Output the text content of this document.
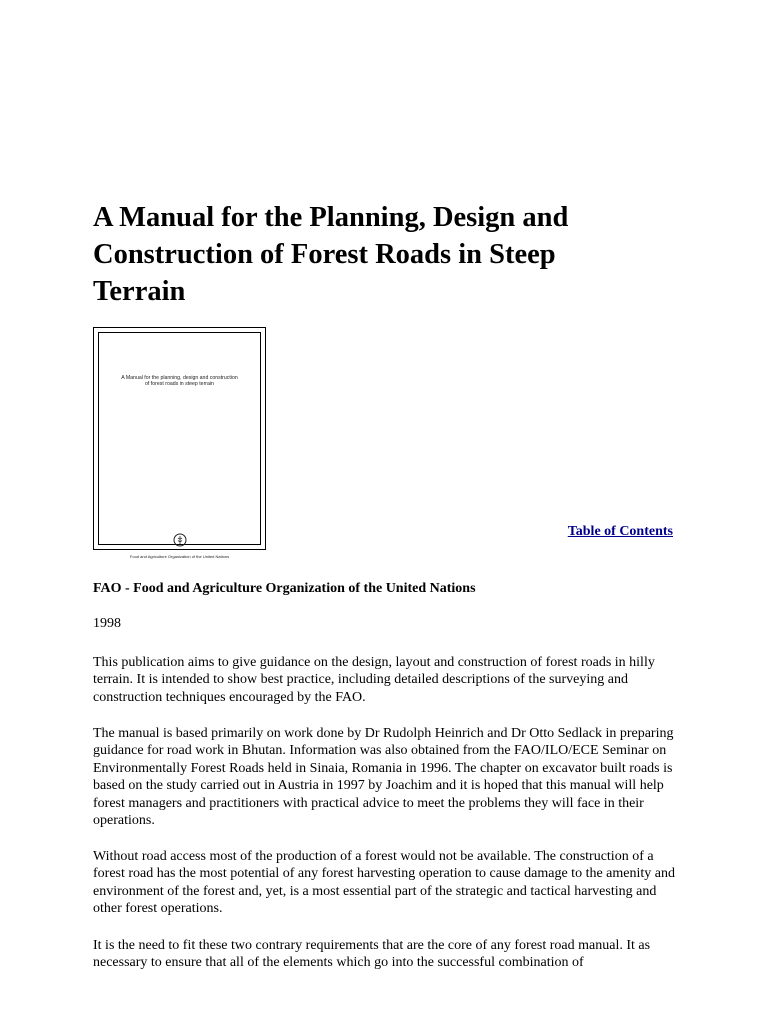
A Manual for the Planning, Design and Construction of Forest Roads in Steep Terrain
A Manual for the planning, design and construction
of forest roads in steep terrain
Food and Agriculture Organization of the United Nations
Table of Contents
FAO - Food and Agriculture Organization of the United Nations
1998

This publication aims to give guidance on the design, layout and construction of forest roads in hilly terrain. It is intended to show best practice, including detailed descriptions of the surveying and construction techniques encouraged by the FAO.

The manual is based primarily on work done by Dr Rudolph Heinrich and Dr Otto Sedlack in preparing guidance for road work in Bhutan. Information was also obtained from the FAO/ILO/ECE Seminar on Environmentally Forest Roads held in Sinaia, Romania in 1996. The chapter on excavator built roads is based on the study carried out in Austria in 1997 by Joachim and it is hoped that this manual will help forest managers and practitioners with practical advice to meet the problems they will face in their operations.

Without road access most of the production of a forest would not be available. The construction of a forest road has the most potential of any forest harvesting operation to cause damage to the amenity and environment of the forest and, yet, is a most essential part of the strategic and tactical harvesting and other forest operations.

It is the need to fit these two contrary requirements that are the core of any forest road manual. It as necessary to ensure that all of the elements which go into the successful combination of
